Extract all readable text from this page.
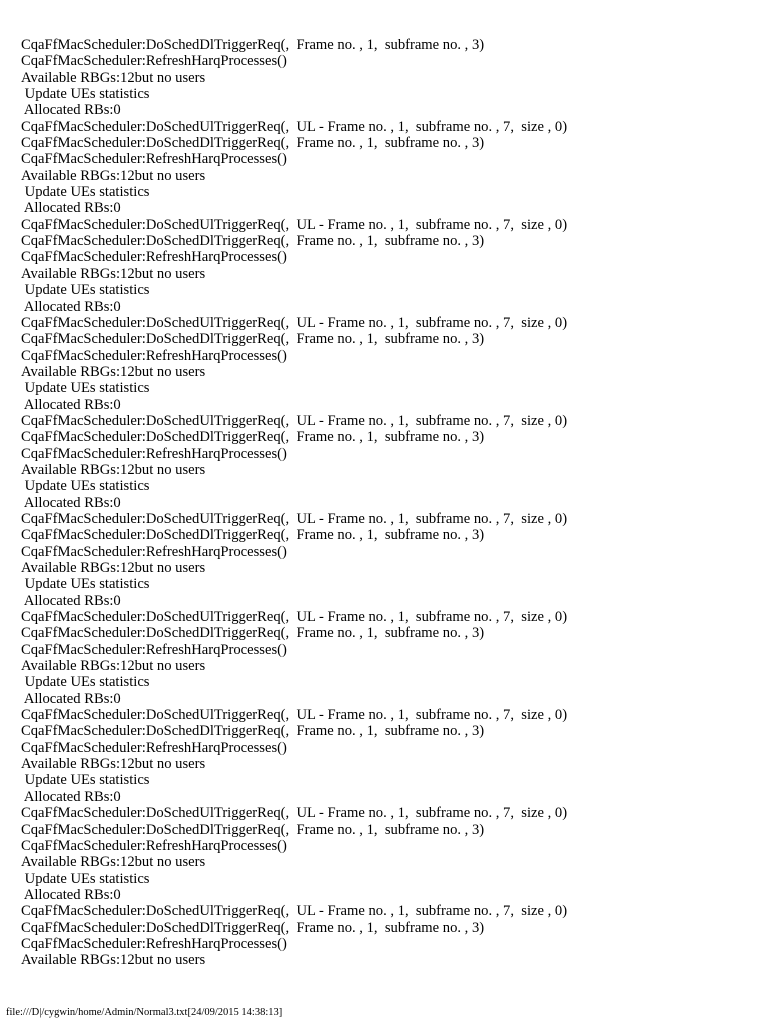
CqaFfMacScheduler:DoSchedDlTriggerReq(,  Frame no. , 1,  subframe no. , 3)
CqaFfMacScheduler:RefreshHarqProcesses()
Available RBGs:12but no users
Update UEs statistics
Allocated RBs:0
CqaFfMacScheduler:DoSchedUlTriggerReq(,  UL - Frame no. , 1,  subframe no. , 7,  size , 0)
CqaFfMacScheduler:DoSchedDlTriggerReq(,  Frame no. , 1,  subframe no. , 3)
CqaFfMacScheduler:RefreshHarqProcesses()
Available RBGs:12but no users
Update UEs statistics
Allocated RBs:0
CqaFfMacScheduler:DoSchedUlTriggerReq(,  UL - Frame no. , 1,  subframe no. , 7,  size , 0)
CqaFfMacScheduler:DoSchedDlTriggerReq(,  Frame no. , 1,  subframe no. , 3)
CqaFfMacScheduler:RefreshHarqProcesses()
Available RBGs:12but no users
Update UEs statistics
Allocated RBs:0
CqaFfMacScheduler:DoSchedUlTriggerReq(,  UL - Frame no. , 1,  subframe no. , 7,  size , 0)
CqaFfMacScheduler:DoSchedDlTriggerReq(,  Frame no. , 1,  subframe no. , 3)
CqaFfMacScheduler:RefreshHarqProcesses()
Available RBGs:12but no users
Update UEs statistics
Allocated RBs:0
CqaFfMacScheduler:DoSchedUlTriggerReq(,  UL - Frame no. , 1,  subframe no. , 7,  size , 0)
CqaFfMacScheduler:DoSchedDlTriggerReq(,  Frame no. , 1,  subframe no. , 3)
CqaFfMacScheduler:RefreshHarqProcesses()
Available RBGs:12but no users
Update UEs statistics
Allocated RBs:0
CqaFfMacScheduler:DoSchedUlTriggerReq(,  UL - Frame no. , 1,  subframe no. , 7,  size , 0)
CqaFfMacScheduler:DoSchedDlTriggerReq(,  Frame no. , 1,  subframe no. , 3)
CqaFfMacScheduler:RefreshHarqProcesses()
Available RBGs:12but no users
Update UEs statistics
Allocated RBs:0
CqaFfMacScheduler:DoSchedUlTriggerReq(,  UL - Frame no. , 1,  subframe no. , 7,  size , 0)
CqaFfMacScheduler:DoSchedDlTriggerReq(,  Frame no. , 1,  subframe no. , 3)
CqaFfMacScheduler:RefreshHarqProcesses()
Available RBGs:12but no users
Update UEs statistics
Allocated RBs:0
CqaFfMacScheduler:DoSchedUlTriggerReq(,  UL - Frame no. , 1,  subframe no. , 7,  size , 0)
CqaFfMacScheduler:DoSchedDlTriggerReq(,  Frame no. , 1,  subframe no. , 3)
CqaFfMacScheduler:RefreshHarqProcesses()
Available RBGs:12but no users
Update UEs statistics
Allocated RBs:0
CqaFfMacScheduler:DoSchedUlTriggerReq(,  UL - Frame no. , 1,  subframe no. , 7,  size , 0)
CqaFfMacScheduler:DoSchedDlTriggerReq(,  Frame no. , 1,  subframe no. , 3)
CqaFfMacScheduler:RefreshHarqProcesses()
Available RBGs:12but no users
Update UEs statistics
Allocated RBs:0
CqaFfMacScheduler:DoSchedUlTriggerReq(,  UL - Frame no. , 1,  subframe no. , 7,  size , 0)
CqaFfMacScheduler:DoSchedDlTriggerReq(,  Frame no. , 1,  subframe no. , 3)
CqaFfMacScheduler:RefreshHarqProcesses()
Available RBGs:12but no users
file:///D|/cygwin/home/Admin/Normal3.txt[24/09/2015 14:38:13]
